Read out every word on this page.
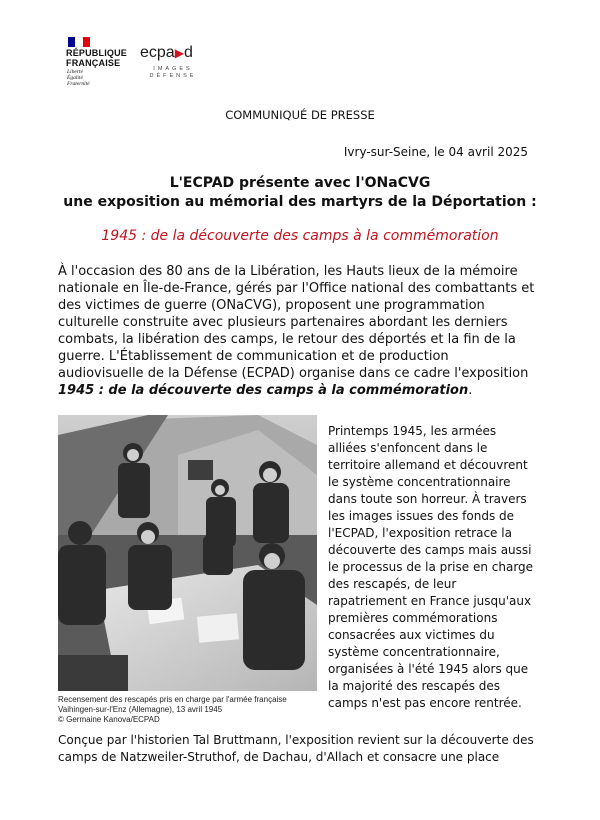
RÉPUBLIQUE
FRANÇAISE
Liberté
Égalité
Fraternité
ecpa▶d
IMAGES
DÉFENSE
COMMUNIQUÉ DE PRESSE
Ivry-sur-Seine, le 04 avril 2025
L'ECPAD présente avec l'ONaCVG
une exposition au mémorial des martyrs de la Déportation :
1945 : de la découverte des camps à la commémoration
À l'occasion des 80 ans de la Libération, les Hauts lieux de la mémoire nationale en Île-de-France, gérés par l'Office national des combattants et des victimes de guerre (ONaCVG), proposent une programmation culturelle construite avec plusieurs partenaires abordant les derniers combats, la libération des camps, le retour des déportés et la fin de la guerre. L'Établissement de communication et de production audiovisuelle de la Défense (ECPAD) organise dans ce cadre l'exposition 1945 : de la découverte des camps à la commémoration.
Recensement des rescapés pris en charge par l'armée française
Vaihingen-sur-l'Enz (Allemagne), 13 avril 1945
© Germaine Kanova/ECPAD
Printemps 1945, les armées alliées s'enfoncent dans le territoire allemand et découvrent le système concentrationnaire dans toute son horreur. À travers les images issues des fonds de l'ECPAD, l'exposition retrace la découverte des camps mais aussi le processus de la prise en charge des rescapés, de leur rapatriement en France jusqu'aux premières commémorations consacrées aux victimes du système concentrationnaire, organisées à l'été 1945 alors que la majorité des rescapés des camps n'est pas encore rentrée.
Conçue par l'historien Tal Bruttmann, l'exposition revient sur la découverte des camps de Natzweiler-Struthof, de Dachau, d'Allach et consacre une place
